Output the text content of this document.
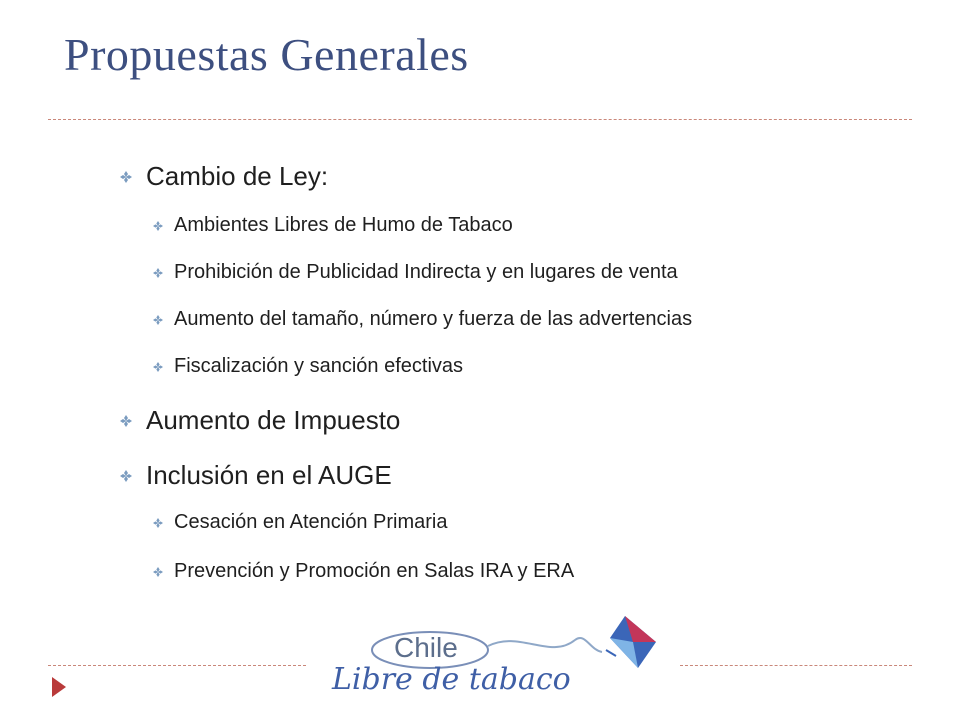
Propuestas Generales
Cambio de Ley:
Ambientes Libres de Humo de Tabaco
Prohibición de Publicidad Indirecta y en lugares de venta
Aumento del tamaño, número y fuerza de las advertencias
Fiscalización y sanción efectivas
Aumento de Impuesto
Inclusión en el AUGE
Cesación en Atención Primaria
Prevención y Promoción en Salas IRA y ERA
Chile
Libre de tabaco
